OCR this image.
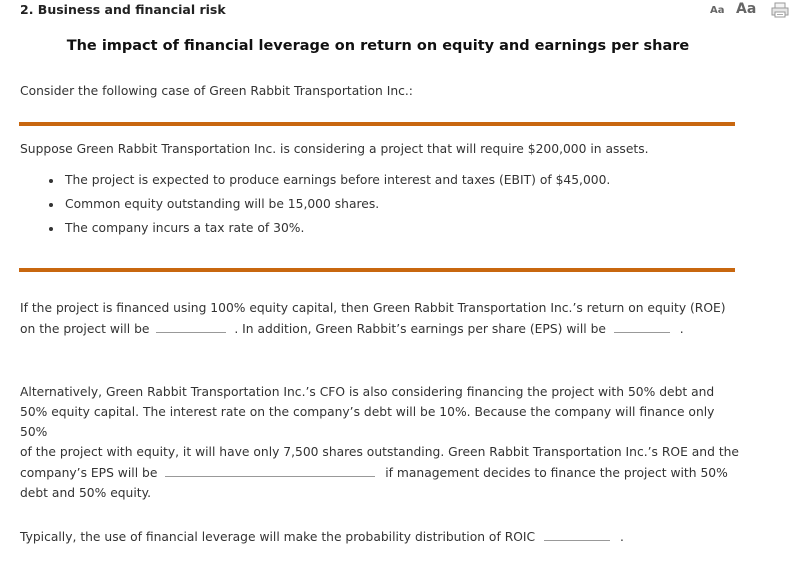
2. Business and financial risk	Aa Aa
The impact of financial leverage on return on equity and earnings per share
Consider the following case of Green Rabbit Transportation Inc.:
Suppose Green Rabbit Transportation Inc. is considering a project that will require $200,000 in assets.
• The project is expected to produce earnings before interest and taxes (EBIT) of $45,000.
• Common equity outstanding will be 15,000 shares.
• The company incurs a tax rate of 30%.
If the project is financed using 100% equity capital, then Green Rabbit Transportation Inc.’s return on equity (ROE)
on the project will be	. In addition, Green Rabbit’s earnings per share (EPS) will be	.
Alternatively, Green Rabbit Transportation Inc.’s CFO is also considering financing the project with 50% debt and
50% equity capital. The interest rate on the company’s debt will be 10%. Because the company will finance only 50%
of the project with equity, it will have only 7,500 shares outstanding. Green Rabbit Transportation Inc.’s ROE and the
company’s EPS will be	if management decides to finance the project with 50%
debt and 50% equity.
Typically, the use of financial leverage will make the probability distribution of ROIC	.
